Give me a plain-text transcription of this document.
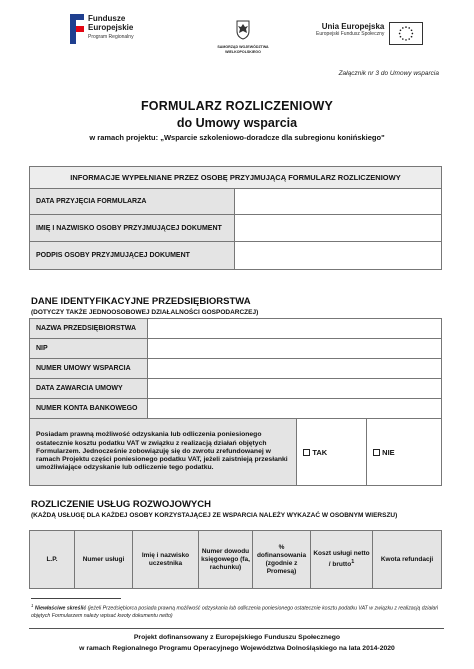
Fundusze
Europejskie
Program Regionalny
SAMORZĄD WOJEWÓDZTWA
WIELKOPOLSKIEGO
Unia Europejska
Europejski Fundusz Społeczny
Załącznik nr 3 do Umowy wsparcia
FORMULARZ ROZLICZENIOWY
do Umowy wsparcia
w ramach projektu: „Wsparcie szkoleniowo-doradcze dla subregionu konińskiego"
INFORMACJE WYPEŁNIANE PRZEZ OSOBĘ PRZYJMUJĄCĄ FORMULARZ ROZLICZENIOWY	
DATA PRZYJĘCIA FORMULARZA	
IMIĘ I NAZWISKO OSOBY PRZYJMUJĄCEJ DOKUMENT	
PODPIS OSOBY PRZYJMUJĄCEJ DOKUMENT	
DANE IDENTYFIKACYJNE PRZEDSIĘBIORSTWA
(DOTYCZY TAKŻE JEDNOOSOBOWEJ DZIAŁALNOŚCI GOSPODARCZEJ)
NAZWA PRZEDSIĘBIORSTWA			
NIP			
NUMER UMOWY WSPARCIA			
DATA ZAWARCIA UMOWY			
NUMER KONTA BANKOWEGO			
Posiadam prawną możliwość odzyskania lub odliczenia poniesionego ostatecznie kosztu podatku VAT w związku z realizacją działań objętych Formularzem. Jednocześnie zobowiązuję się do zwrotu zrefundowanej w ramach Projektu części poniesionego podatku VAT, jeżeli zaistnieją przesłanki umożliwiające odzyskanie lub odliczenie tego podatku.		TAK	NIE
ROZLICZENIE USŁUG ROZWOJOWYCH
(KAŻDĄ USŁUGĘ DLA KAŻDEJ OSOBY KORZYSTAJĄCEJ ZE WSPARCIA NALEŻY WYKAZAĆ W OSOBNYM WIERSZU)
L.P.	Numer usługi	Imię i nazwisko uczestnika	Numer dowodu księgowego (fa, rachunku)	% dofinansowania (zgodnie z Promesą)	Koszt usługi netto / brutto$^1$	Kwota refundacji
$^1$ Niewłaściwe skreślić (jeżeli Przedsiębiorca posiada prawną możliwość odzyskania lub odliczenia poniesionego ostatecznie kosztu podatku VAT w związku z realizacją działań objętych Formularzem należy wpisać kwoty dokumentu netto)
Projekt dofinansowany z Europejskiego Funduszu Społecznego
w ramach Regionalnego Programu Operacyjnego Województwa Dolnośląskiego na lata 2014-2020
